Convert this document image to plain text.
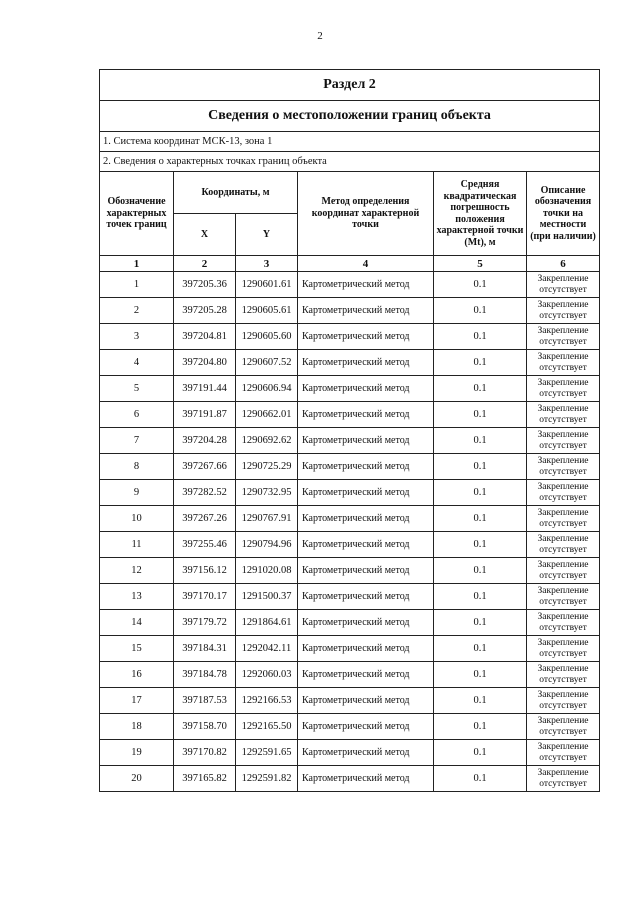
2
Раздел 2					
Сведения о местоположении границ объекта					
1. Система координат МСК-13, зона 1					
2. Сведения о характерных точках границ объекта					
Обозначение характерных точек границ	Координаты, м		Метод определения координат характерной точки	Средняя квадратическая погрешность положения характерной точки (Mt), м	Описание обозначения точки на местности (при наличии)
	X	Y			
1	2	3	4	5	6
1	397205.36	1290601.61	Картометрический метод	0.1	Закрепление отсутствует
2	397205.28	1290605.61	Картометрический метод	0.1	Закрепление отсутствует
3	397204.81	1290605.60	Картометрический метод	0.1	Закрепление отсутствует
4	397204.80	1290607.52	Картометрический метод	0.1	Закрепление отсутствует
5	397191.44	1290606.94	Картометрический метод	0.1	Закрепление отсутствует
6	397191.87	1290662.01	Картометрический метод	0.1	Закрепление отсутствует
7	397204.28	1290692.62	Картометрический метод	0.1	Закрепление отсутствует
8	397267.66	1290725.29	Картометрический метод	0.1	Закрепление отсутствует
9	397282.52	1290732.95	Картометрический метод	0.1	Закрепление отсутствует
10	397267.26	1290767.91	Картометрический метод	0.1	Закрепление отсутствует
11	397255.46	1290794.96	Картометрический метод	0.1	Закрепление отсутствует
12	397156.12	1291020.08	Картометрический метод	0.1	Закрепление отсутствует
13	397170.17	1291500.37	Картометрический метод	0.1	Закрепление отсутствует
14	397179.72	1291864.61	Картометрический метод	0.1	Закрепление отсутствует
15	397184.31	1292042.11	Картометрический метод	0.1	Закрепление отсутствует
16	397184.78	1292060.03	Картометрический метод	0.1	Закрепление отсутствует
17	397187.53	1292166.53	Картометрический метод	0.1	Закрепление отсутствует
18	397158.70	1292165.50	Картометрический метод	0.1	Закрепление отсутствует
19	397170.82	1292591.65	Картометрический метод	0.1	Закрепление отсутствует
20	397165.82	1292591.82	Картометрический метод	0.1	Закрепление отсутствует
